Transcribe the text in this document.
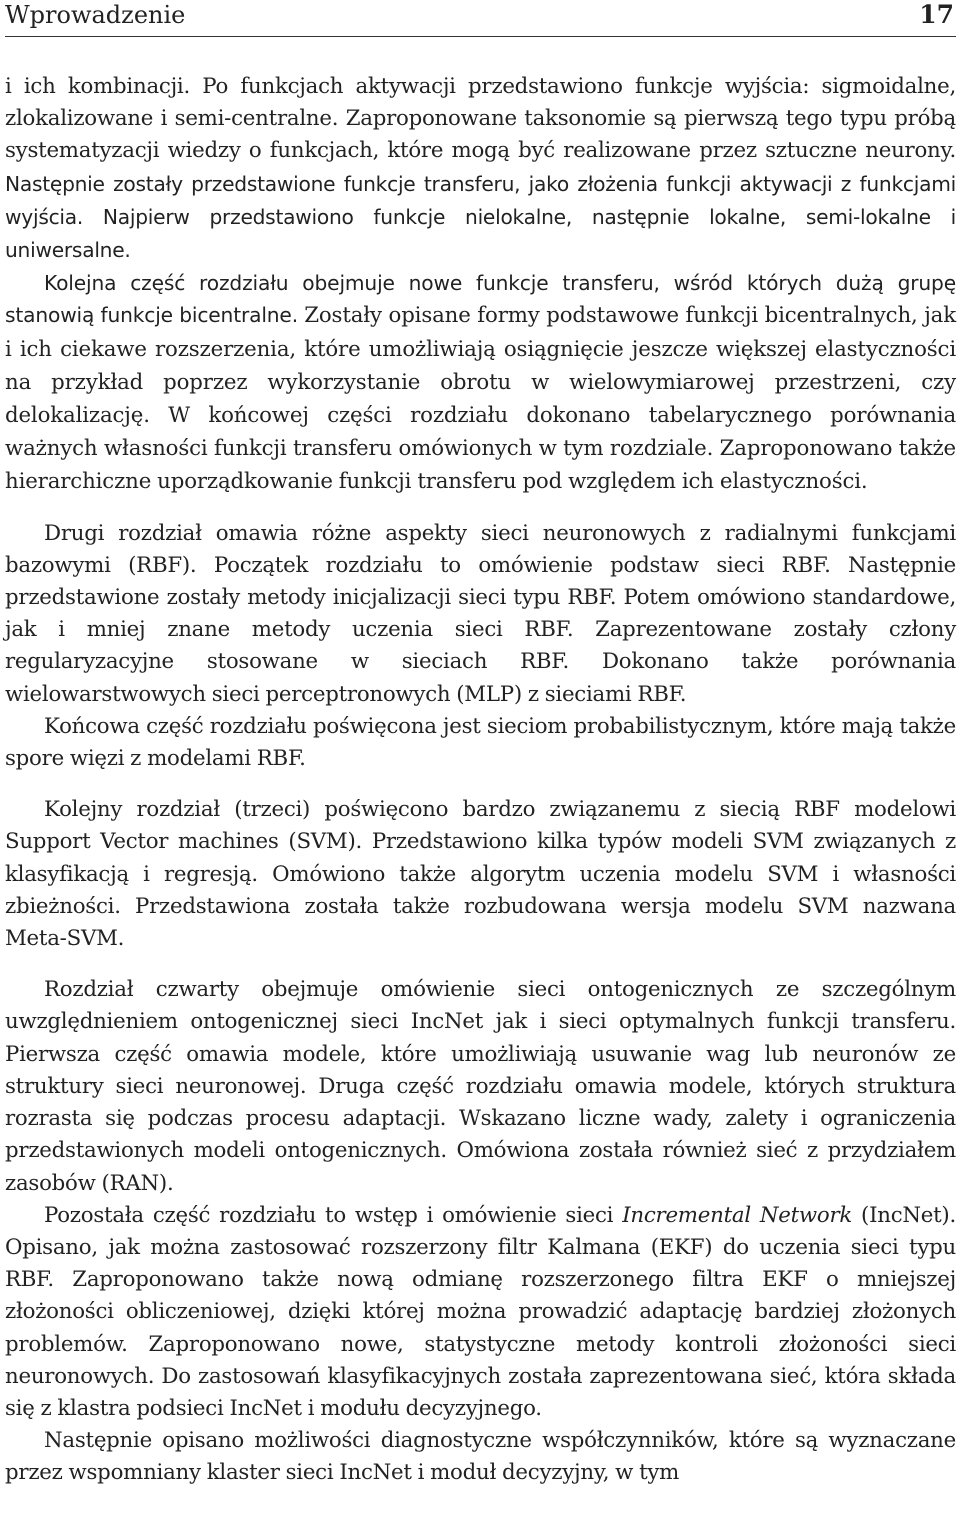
Wprowadzenie	17

i ich kombinacji. Po funkcjach aktywacji przedstawiono funkcje wyjścia: sigmoidalne, zlokalizowane i semi-centralne. Zaproponowane taksonomie są pierwszą tego typu próbą systematyzacji wiedzy o funkcjach, które mogą być realizowane przez sztuczne neurony. Następnie zostały przedstawione funkcje transferu, jako złożenia funkcji aktywacji z funkcjami wyjścia. Najpierw przedstawiono funkcje nielokalne, następnie lokalne, semi-lokalne i uniwersalne.

Kolejna część rozdziału obejmuje nowe funkcje transferu, wśród których dużą grupę stanowią funkcje bicentralne. Zostały opisane formy podstawowe funkcji bicentralnych, jak i ich ciekawe rozszerzenia, które umożliwiają osiągnięcie jeszcze większej elastyczności na przykład poprzez wykorzystanie obrotu w wielowymiarowej przestrzeni, czy delokalizację. W końcowej części rozdziału dokonano tabelarycznego porównania ważnych własności funkcji transferu omówionych w tym rozdziale. Zaproponowano także hierarchiczne uporządkowanie funkcji transferu pod względem ich elastyczności.

Drugi rozdział omawia różne aspekty sieci neuronowych z radialnymi funkcjami bazowymi (RBF). Początek rozdziału to omówienie podstaw sieci RBF. Następnie przedstawione zostały metody inicjalizacji sieci typu RBF. Potem omówiono standardowe, jak i mniej znane metody uczenia sieci RBF. Zaprezentowane zostały człony regularyzacyjne stosowane w sieciach RBF. Dokonano także porównania wielowarstwowych sieci perceptronowych (MLP) z sieciami RBF.

Końcowa część rozdziału poświęcona jest sieciom probabilistycznym, które mają także spore więzi z modelami RBF.

Kolejny rozdział (trzeci) poświęcono bardzo związanemu z siecią RBF modelowi Support Vector machines (SVM). Przedstawiono kilka typów modeli SVM związanych z klasyfikacją i regresją. Omówiono także algorytm uczenia modelu SVM i własności zbieżności. Przedstawiona została także rozbudowana wersja modelu SVM nazwana Meta-SVM.

Rozdział czwarty obejmuje omówienie sieci ontogenicznych ze szczególnym uwzględnieniem ontogenicznej sieci IncNet jak i sieci optymalnych funkcji transferu. Pierwsza część omawia modele, które umożliwiają usuwanie wag lub neuronów ze struktury sieci neuronowej. Druga część rozdziału omawia modele, których struktura rozrasta się podczas procesu adaptacji. Wskazano liczne wady, zalety i ograniczenia przedstawionych modeli ontogenicznych. Omówiona została również sieć z przydziałem zasobów (RAN).

Pozostała część rozdziału to wstęp i omówienie sieci Incremental Network (IncNet). Opisano, jak można zastosować rozszerzony filtr Kalmana (EKF) do uczenia sieci typu RBF. Zaproponowano także nową odmianę rozszerzonego filtra EKF o mniejszej złożoności obliczeniowej, dzięki której można prowadzić adaptację bardziej złożonych problemów. Zaproponowano nowe, statystyczne metody kontroli złożoności sieci neuronowych. Do zastosowań klasyfikacyjnych została zaprezentowana sieć, która składa się z klastra podsieci IncNet i modułu decyzyjnego.

Następnie opisano możliwości diagnostyczne współczynników, które są wyznaczane przez wspomniany klaster sieci IncNet i moduł decyzyjny, w tym
